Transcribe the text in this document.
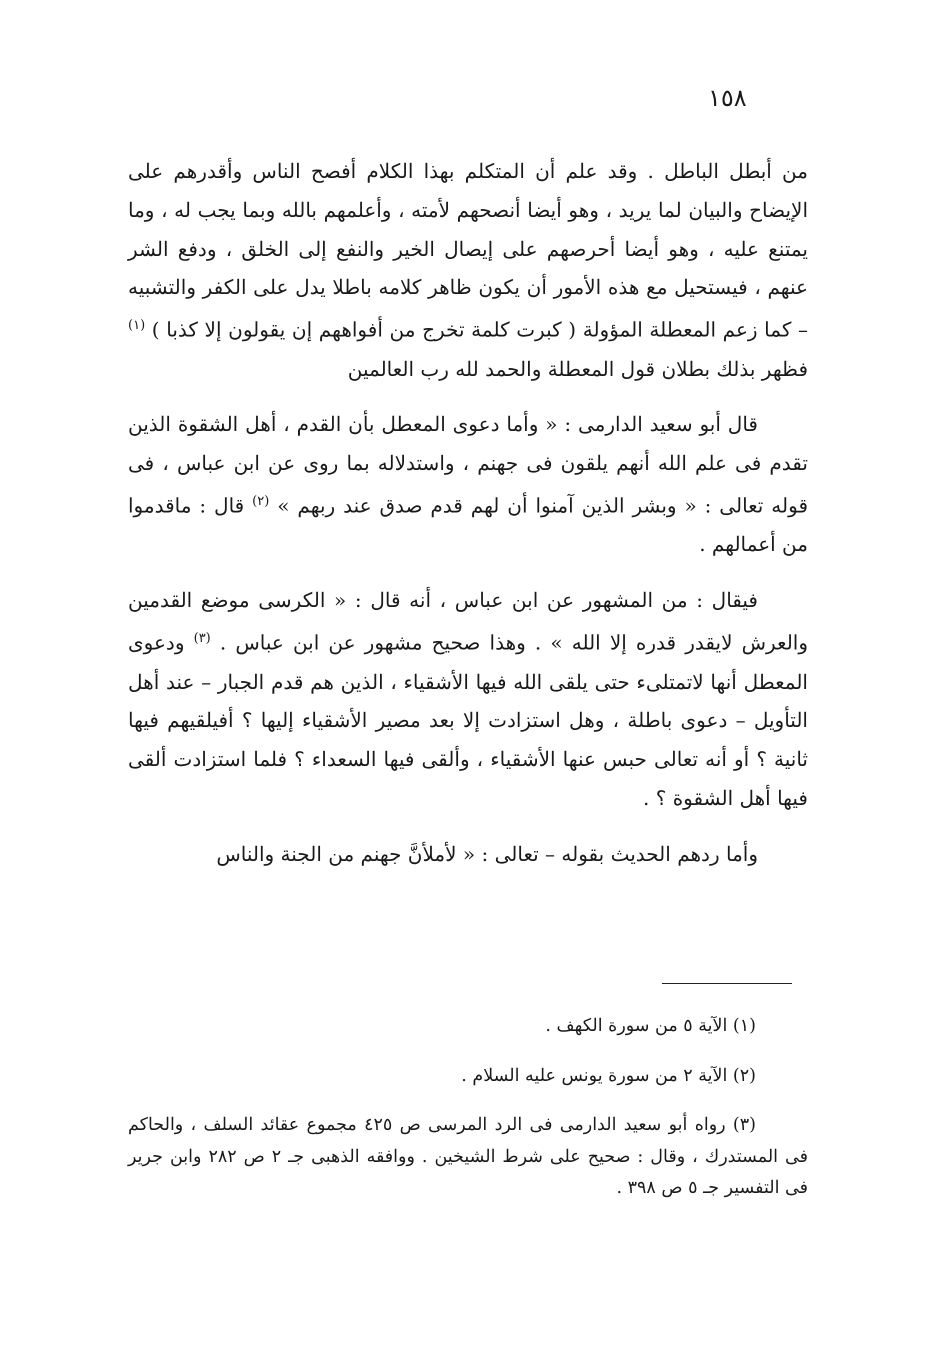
١٥٨

من أبطل الباطل . وقد علم أن المتكلم بهذا الكلام أفصح الناس وأقدرهم على الإيضاح والبيان لما يريد ، وهو أيضا أنصحهم لأمته ، وأعلمهم بالله وبما يجب له ، وما يمتنع عليه ، وهو أيضا أحرصهم على إيصال الخير والنفع إلى الخلق ، ودفع الشر عنهم ، فيستحيل مع هذه الأمور أن يكون ظاهر كلامه باطلا يدل على الكفر والتشبيه – كما زعم المعطلة المؤولة ( كبرت كلمة تخرج من أفواههم إن يقولون إلا كذبا ) $^{(١)}$ فظهر بذلك بطلان قول المعطلة والحمد لله رب العالمين

قال أبو سعيد الدارمى : « وأما دعوى المعطل بأن القدم ، أهل الشقوة الذين تقدم فى علم الله أنهم يلقون فى جهنم ، واستدلاله بما روى عن ابن عباس ، فى قوله تعالى : « وبشر الذين آمنوا أن لهم قدم صدق عند ربهم » $^{(٢)}$ قال : ماقدموا من أعمالهم .

فيقال : من المشهور عن ابن عباس ، أنه قال : « الكرسى موضع القدمين والعرش لايقدر قدره إلا الله » . وهذا صحيح مشهور عن ابن عباس . $^{(٣)}$ ودعوى المعطل أنها لاتمتلىء حتى يلقى الله فيها الأشقياء ، الذين هم قدم الجبار – عند أهل التأويل – دعوى باطلة ، وهل استزادت إلا بعد مصير الأشقياء إليها ؟ أفيلقيهم فيها ثانية ؟ أو أنه تعالى حبس عنها الأشقياء ، وألقى فيها السعداء ؟ فلما استزادت ألقى فيها أهل الشقوة ؟ .

وأما ردهم الحديث بقوله – تعالى : « لأملأنَّ جهنم من الجنة والناس

(١) الآية ٥ من سورة الكهف .

(٢) الآية ٢ من سورة يونس عليه السلام .

(٣) رواه أبو سعيد الدارمى فى الرد المرسى ص ٤٢٥ مجموع عقائد السلف ، والحاكم فى المستدرك ، وقال : صحيح على شرط الشيخين . ووافقه الذهبى جـ ٢ ص ٢٨٢ وابن جرير فى التفسير جـ ٥ ص ٣٩٨ .
